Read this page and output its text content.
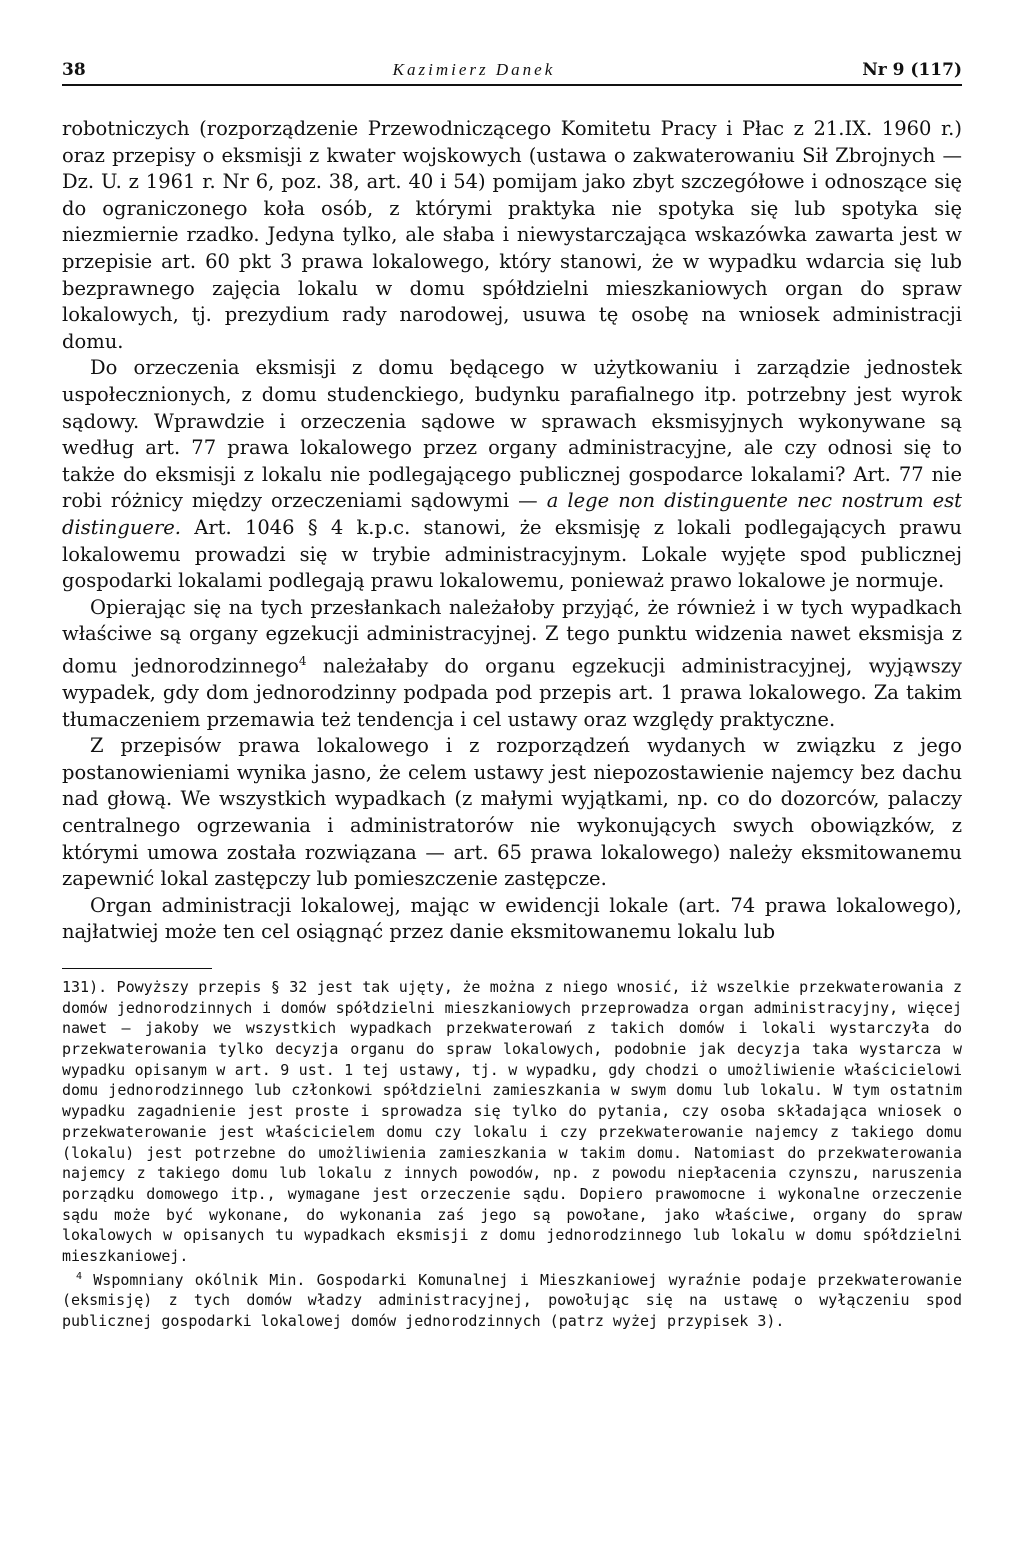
38	Kazimierz Danek	Nr 9 (117)

robotniczych (rozporządzenie Przewodniczącego Komitetu Pracy i Płac z 21.IX. 1960 r.) oraz przepisy o eksmisji z kwater wojskowych (ustawa o zakwaterowaniu Sił Zbrojnych — Dz. U. z 1961 r. Nr 6, poz. 38, art. 40 i 54) pomijam jako zbyt szczegółowe i odnoszące się do ograniczonego koła osób, z którymi praktyka nie spotyka się lub spotyka się niezmiernie rzadko. Jedyna tylko, ale słaba i niewystarczająca wskazówka zawarta jest w przepisie art. 60 pkt 3 prawa lokalowego, który stanowi, że w wypadku wdarcia się lub bezprawnego zajęcia lokalu w domu spółdzielni mieszkaniowych organ do spraw lokalowych, tj. prezydium rady narodowej, usuwa tę osobę na wniosek administracji domu.

Do orzeczenia eksmisji z domu będącego w użytkowaniu i zarządzie jednostek uspołecznionych, z domu studenckiego, budynku parafialnego itp. potrzebny jest wyrok sądowy. Wprawdzie i orzeczenia sądowe w sprawach eksmisyjnych wykonywane są według art. 77 prawa lokalowego przez organy administracyjne, ale czy odnosi się to także do eksmisji z lokalu nie podlegającego publicznej gospodarce lokalami? Art. 77 nie robi różnicy między orzeczeniami sądowymi — a lege non distinguente nec nostrum est distinguere. Art. 1046 § 4 k.p.c. stanowi, że eksmisję z lokali podlegających prawu lokalowemu prowadzi się w trybie administracyjnym. Lokale wyjęte spod publicznej gospodarki lokalami podlegają prawu lokalowemu, ponieważ prawo lokalowe je normuje.

Opierając się na tych przesłankach należałoby przyjąć, że również i w tych wypadkach właściwe są organy egzekucji administracyjnej. Z tego punktu widzenia nawet eksmisja z domu jednorodzinnego$^4$ należałaby do organu egzekucji administracyjnej, wyjąwszy wypadek, gdy dom jednorodzinny podpada pod przepis art. 1 prawa lokalowego. Za takim tłumaczeniem przemawia też tendencja i cel ustawy oraz względy praktyczne.

Z przepisów prawa lokalowego i z rozporządzeń wydanych w związku z jego postanowieniami wynika jasno, że celem ustawy jest niepozostawienie najemcy bez dachu nad głową. We wszystkich wypadkach (z małymi wyjątkami, np. co do dozorców, palaczy centralnego ogrzewania i administratorów nie wykonujących swych obowiązków, z którymi umowa została rozwiązana — art. 65 prawa lokalowego) należy eksmitowanemu zapewnić lokal zastępczy lub pomieszczenie zastępcze.

Organ administracji lokalowej, mając w ewidencji lokale (art. 74 prawa lokalowego), najłatwiej może ten cel osiągnąć przez danie eksmitowanemu lokalu lub

131). Powyższy przepis § 32 jest tak ujęty, że można z niego wnosić, iż wszelkie przekwaterowania z domów jednorodzinnych i domów spółdzielni mieszkaniowych przeprowadza organ administracyjny, więcej nawet — jakoby we wszystkich wypadkach przekwaterowań z takich domów i lokali wystarczyła do przekwaterowania tylko decyzja organu do spraw lokalowych, podobnie jak decyzja taka wystarcza w wypadku opisanym w art. 9 ust. 1 tej ustawy, tj. w wypadku, gdy chodzi o umożliwienie właścicielowi domu jednorodzinnego lub członkowi spółdzielni zamieszkania w swym domu lub lokalu. W tym ostatnim wypadku zagadnienie jest proste i sprowadza się tylko do pytania, czy osoba składająca wniosek o przekwaterowanie jest właścicielem domu czy lokalu i czy przekwaterowanie najemcy z takiego domu (lokalu) jest potrzebne do umożliwienia zamieszkania w takim domu. Natomiast do przekwaterowania najemcy z takiego domu lub lokalu z innych powodów, np. z powodu niepłacenia czynszu, naruszenia porządku domowego itp., wymagane jest orzeczenie sądu. Dopiero prawomocne i wykonalne orzeczenie sądu może być wykonane, do wykonania zaś jego są powołane, jako właściwe, organy do spraw lokalowych w opisanych tu wypadkach eksmisji z domu jednorodzinnego lub lokalu w domu spółdzielni mieszkaniowej.

$^4$ Wspomniany okólnik Min. Gospodarki Komunalnej i Mieszkaniowej wyraźnie podaje przekwaterowanie (eksmisję) z tych domów władzy administracyjnej, powołując się na ustawę o wyłączeniu spod publicznej gospodarki lokalowej domów jednorodzinnych (patrz wyżej przypisek 3).
